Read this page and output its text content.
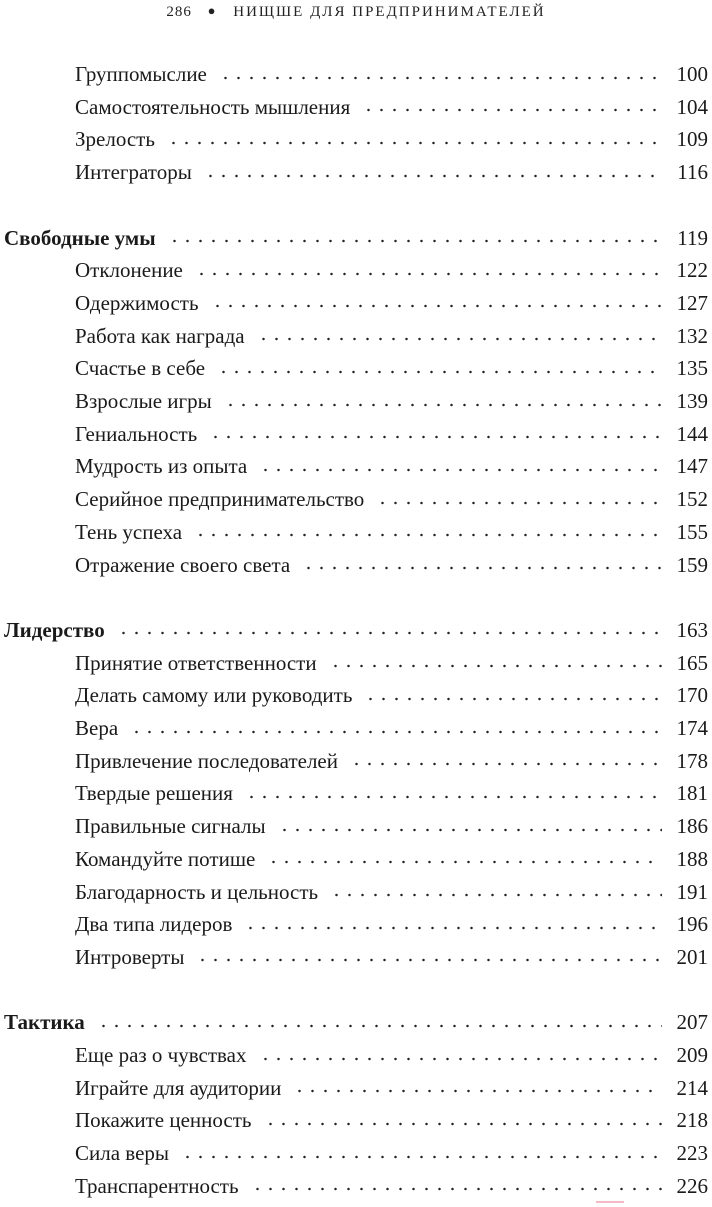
286 ● НИЩШЕ ДЛЯ ПРЕДПРИНИМАТЕЛЕЙ
Группомыслие	100
Самостоятельность мышления	104
Зрелость	109
Интеграторы	116
Свободные умы	119
Отклонение	122
Одержимость	127
Работа как награда	132
Счастье в себе	135
Взрослые игры	139
Гениальность	144
Мудрость из опыта	147
Серийное предпринимательство	152
Тень успеха	155
Отражение своего света	159
Лидерство	163
Принятие ответственности	165
Делать самому или руководить	170
Вера	174
Привлечение последователей	178
Твердые решения	181
Правильные сигналы	186
Командуйте потише	188
Благодарность и цельность	191
Два типа лидеров	196
Интроверты	201
Тактика	207
Еще раз о чувствах	209
Играйте для аудитории	214
Покажите ценность	218
Сила веры	223
Транспарентность	226
